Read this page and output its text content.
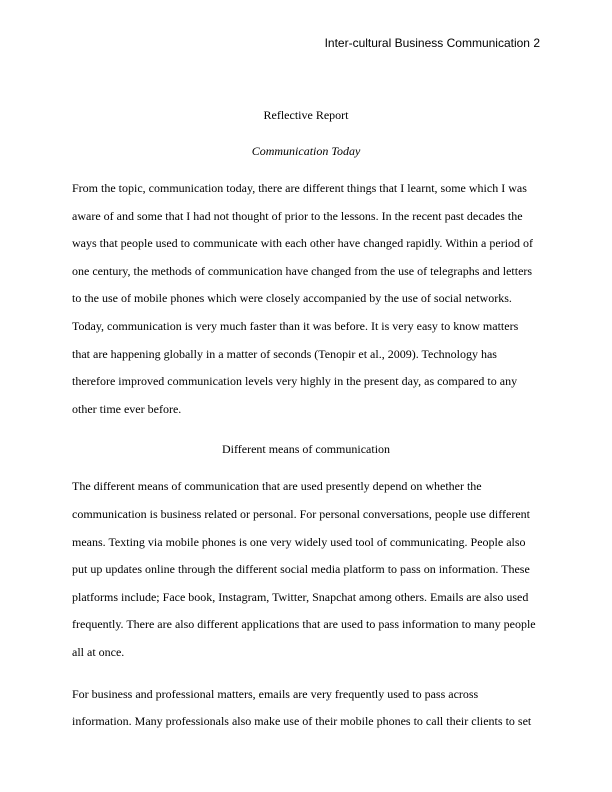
Inter-cultural Business Communication 2
Reflective Report
Communication Today
From the topic, communication today, there are different things that I learnt, some which I was
aware of and some that I had not thought of prior to the lessons. In the recent past decades the
ways that people used to communicate with each other have changed rapidly. Within a period of
one century, the methods of communication have changed from the use of telegraphs and letters
to the use of mobile phones which were closely accompanied by the use of social networks.
Today, communication is very much faster than it was before. It is very easy to know matters
that are happening globally in a matter of seconds (Tenopir et al., 2009). Technology has
therefore improved communication levels very highly in the present day, as compared to any
other time ever before.
Different means of communication
The different means of communication that are used presently depend on whether the
communication is business related or personal. For personal conversations, people use different
means. Texting via mobile phones is one very widely used tool of communicating. People also
put up updates online through the different social media platform to pass on information. These
platforms include; Face book, Instagram, Twitter, Snapchat among others. Emails are also used
frequently. There are also different applications that are used to pass information to many people
all at once.
For business and professional matters, emails are very frequently used to pass across
information. Many professionals also make use of their mobile phones to call their clients to set
